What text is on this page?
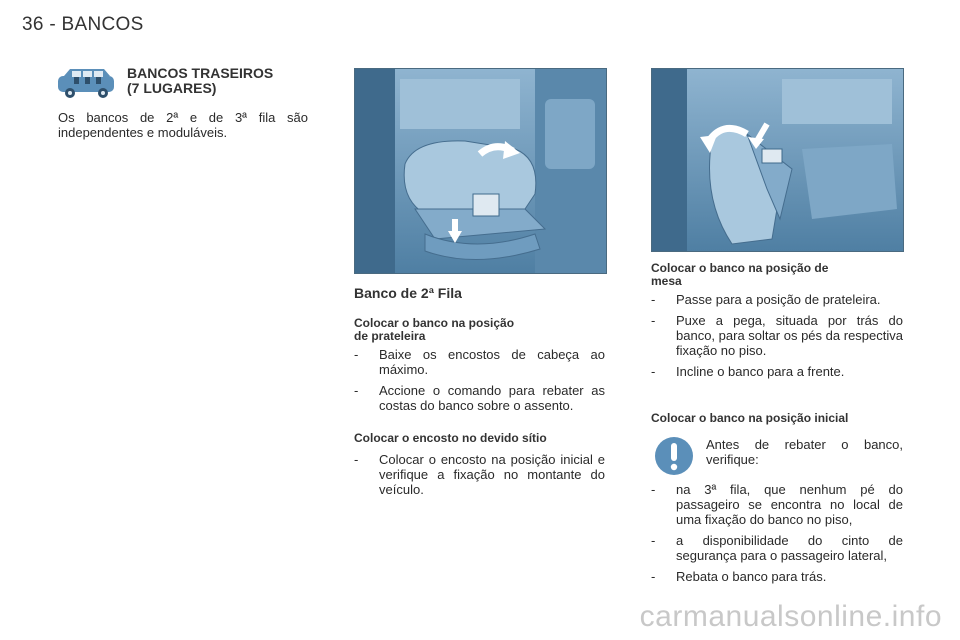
36 - BANCOS
BANCOS TRASEIROS
(7 LUGARES)
Os bancos de 2ª e de 3ª fila são independentes e moduláveis.
Banco de 2ª Fila
Colocar o banco na posição
de prateleira
- Baixe os encostos de cabeça ao máximo.
- Accione o comando para rebater as costas do banco sobre o assento.
Colocar o encosto no devido sítio
- Colocar o encosto na posição inicial e verifique a fixação no montante do veículo.
Colocar o banco na posição de
mesa
- Passe para a posição de prateleira.
- Puxe a pega, situada por trás do banco, para soltar os pés da respectiva fixação no piso.
- Incline o banco para a frente.
Colocar o banco na posição inicial
Antes de rebater o banco, verifique:
- na 3ª fila, que nenhum pé do passageiro se encontra no local de uma fixação do banco no piso,
- a disponibilidade do cinto de segurança para o passageiro lateral,
- Rebata o banco para trás.
carmanualsonline.info
